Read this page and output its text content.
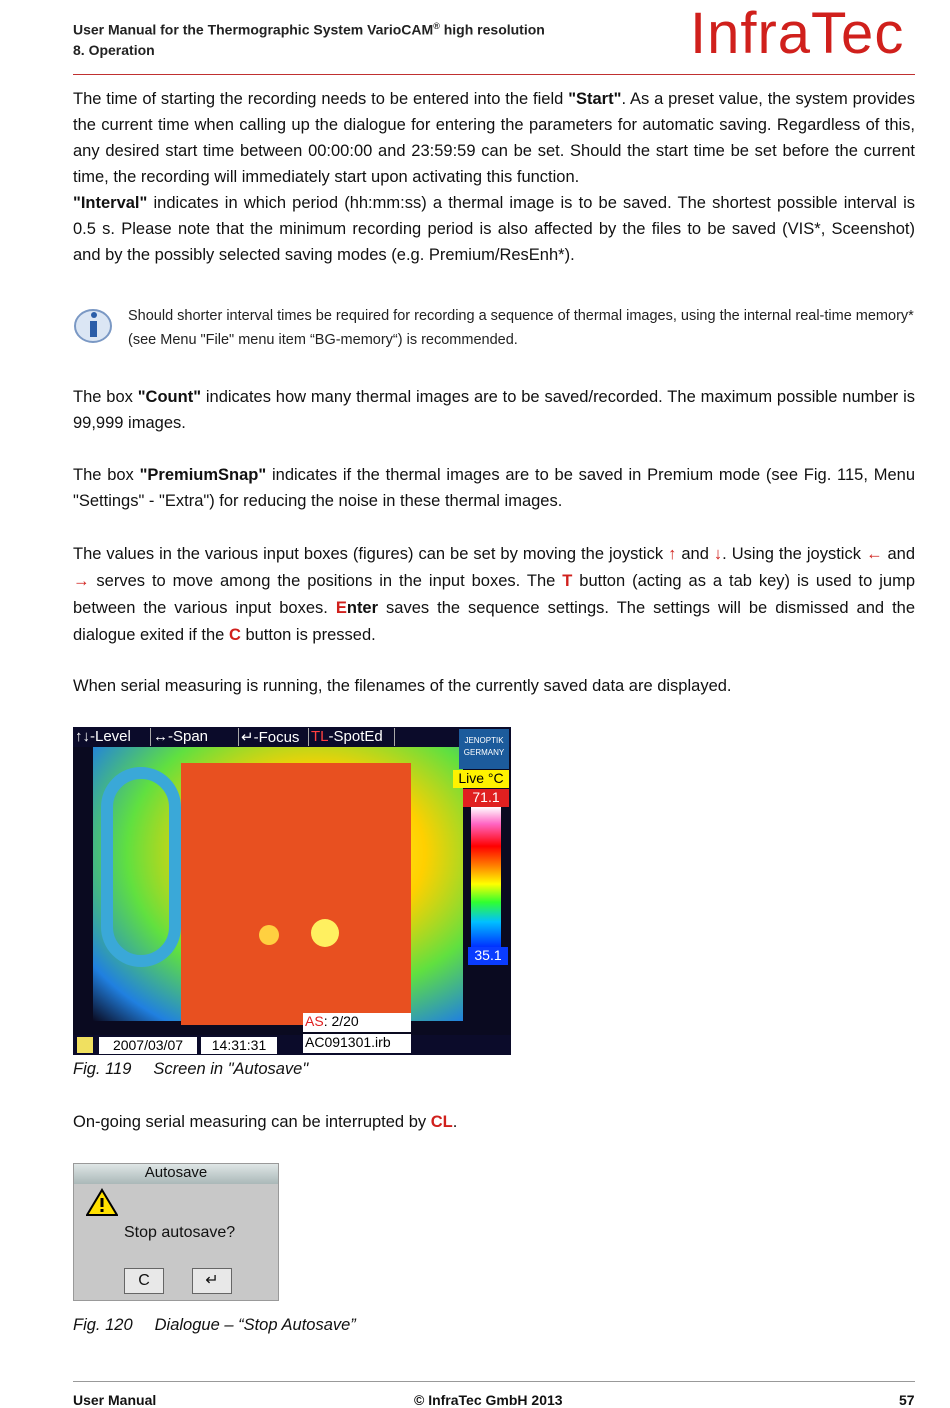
User Manual for the Thermographic System VarioCAM® high resolution
8. Operation	InfraTec
The time of starting the recording needs to be entered into the field "Start". As a preset value, the system provides the current time when calling up the dialogue for entering the parameters for automatic saving. Regardless of this, any desired start time between 00:00:00 and 23:59:59 can be set. Should the start time be set before the current time, the recording will immediately start upon activating this function.
"Interval" indicates in which period (hh:mm:ss) a thermal image is to be saved. The shortest possible interval is 0.5 s. Please note that the minimum recording period is also affected by the files to be saved (VIS*, Sceenshot) and by the possibly selected saving modes (e.g. Premium/ResEnh*).
Should shorter interval times be required for recording a sequence of thermal images, using the internal real-time memory* (see Menu "File" menu item “BG-memory“) is recommended.
The box "Count" indicates how many thermal images are to be saved/recorded. The maximum possible number is 99,999 images.
The box "PremiumSnap" indicates if the thermal images are to be saved in Premium mode (see Fig. 115, Menu "Settings" - "Extra") for reducing the noise in these thermal images.
The values in the various input boxes (figures) can be set by moving the joystick ↑ and ↓. Using the joystick ← and → serves to move among the positions in the input boxes. The T button (acting as a tab key) is used to jump between the various input boxes. Enter saves the sequence settings. The settings will be dismissed and the dialogue exited if the C button is pressed.
When serial measuring is running, the filenames of the currently saved data are displayed.
↑↓-Level	↔-Span	↵-Focus TL-SpotEd	JENOPTIK GERMANY
Live °C
71.1
35.1
2007/03/07	14:31:31
AS: 2/20
AC091301.irb
Fig. 119 Screen in "Autosave"
On-going serial measuring can be interrupted by CL.
Autosave
Stop autosave?
C	↵
Fig. 120 Dialogue – “Stop Autosave”
User Manual	© InfraTec GmbH 2013	57
